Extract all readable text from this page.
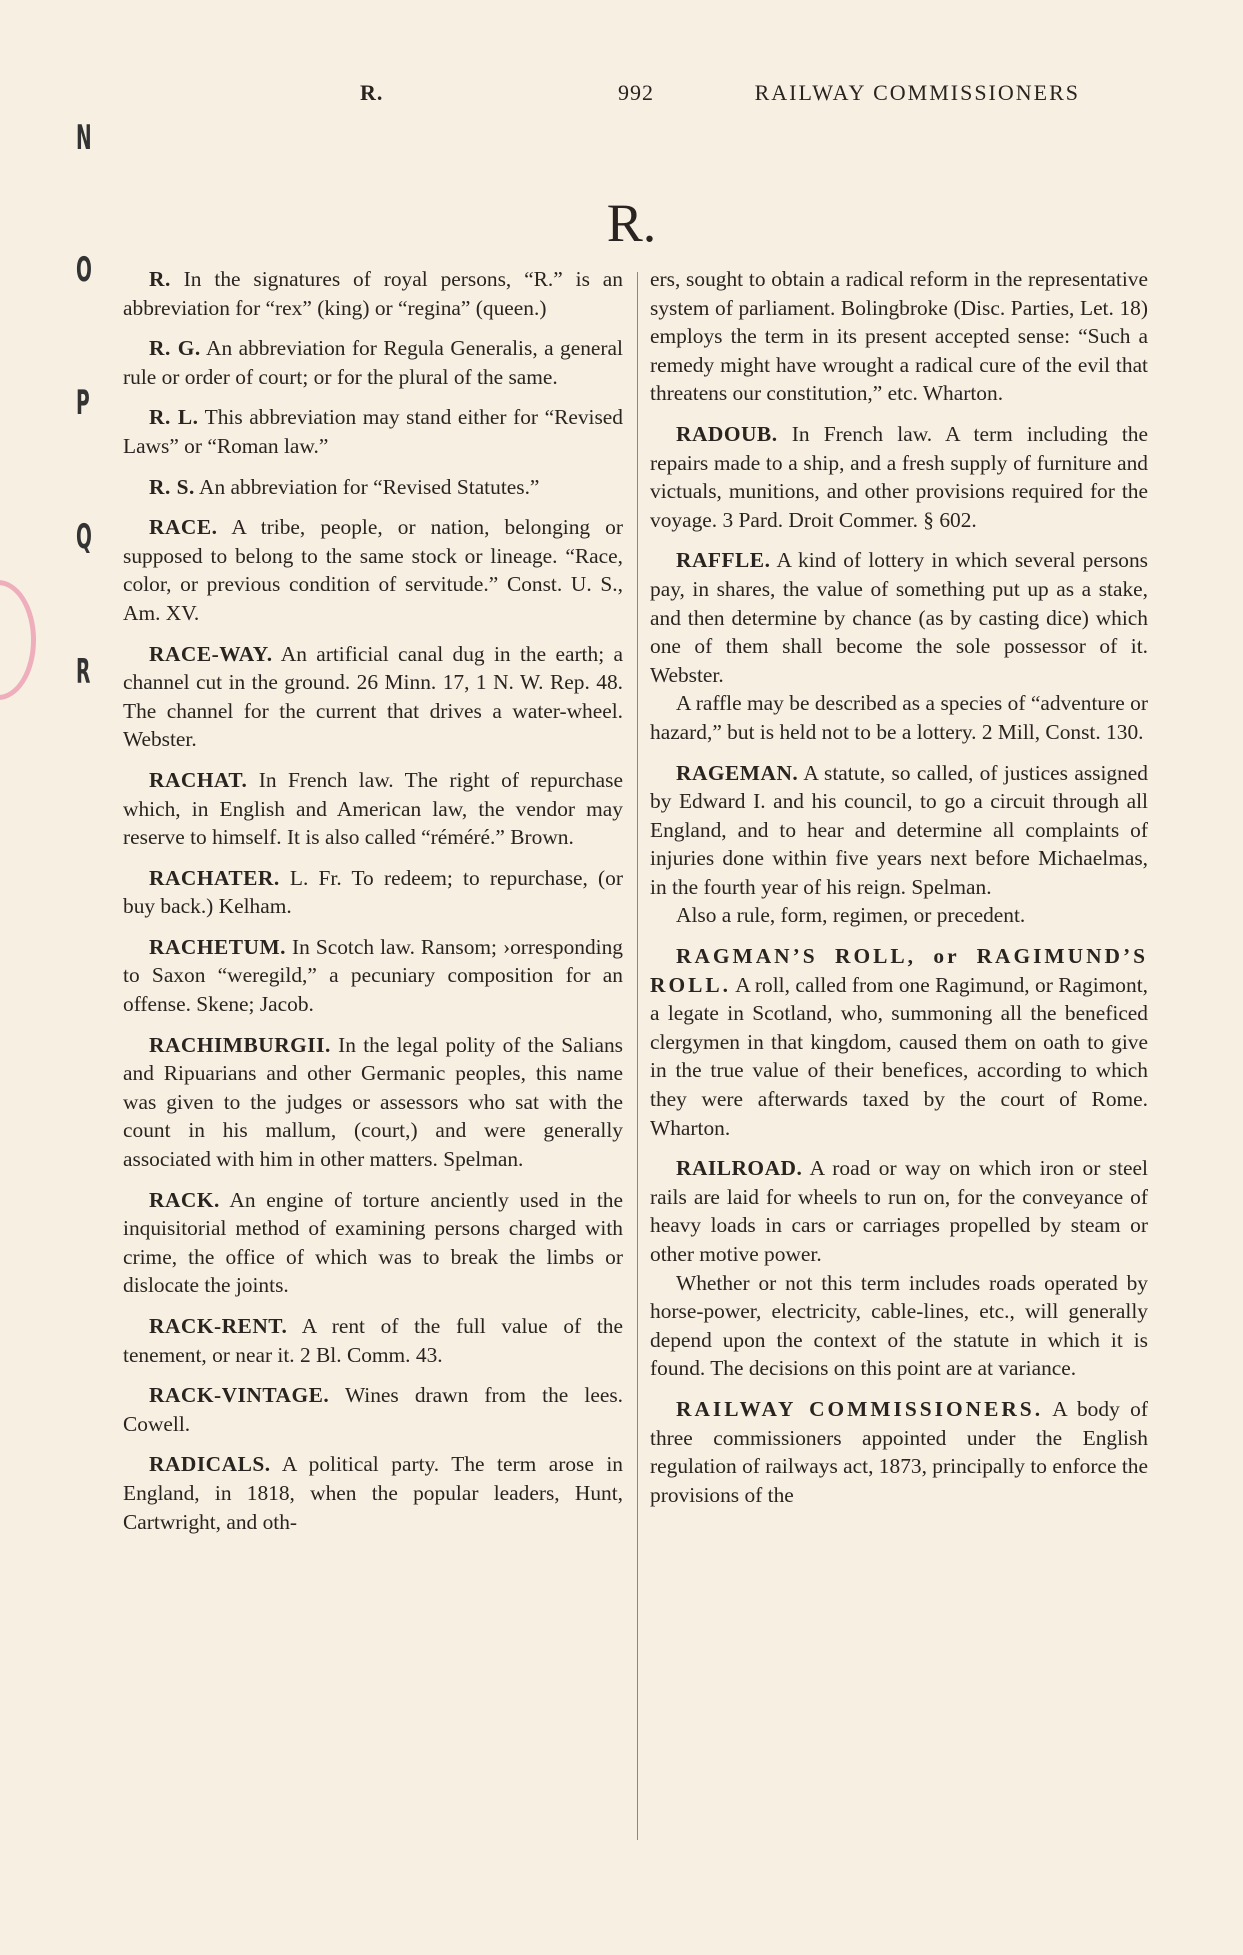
R.	992	RAILWAY COMMISSIONERS
N
O
P
Q
R
R.

R. In the signatures of royal persons, “R.” is an abbreviation for “rex” (king) or “regina” (queen.)

R. G. An abbreviation for Regula Generalis, a general rule or order of court; or for the plural of the same.

R. L. This abbreviation may stand either for “Revised Laws” or “Roman law.”

R. S. An abbreviation for “Revised Statutes.”

RACE. A tribe, people, or nation, belonging or supposed to belong to the same stock or lineage. “Race, color, or previous condition of servitude.” Const. U. S., Am. XV.

RACE-WAY. An artificial canal dug in the earth; a channel cut in the ground. 26 Minn. 17, 1 N. W. Rep. 48. The channel for the current that drives a water-wheel. Webster.

RACHAT. In French law. The right of repurchase which, in English and American law, the vendor may reserve to himself. It is also called “réméré.” Brown.

RACHATER. L. Fr. To redeem; to repurchase, (or buy back.) Kelham.

RACHETUM. In Scotch law. Ransom; ›orresponding to Saxon “weregild,” a pecuniary composition for an offense. Skene; Jacob.

RACHIMBURGII. In the legal polity of the Salians and Ripuarians and other Germanic peoples, this name was given to the judges or assessors who sat with the count in his mallum, (court,) and were generally associated with him in other matters. Spelman.

RACK. An engine of torture anciently used in the inquisitorial method of examining persons charged with crime, the office of which was to break the limbs or dislocate the joints.

RACK-RENT. A rent of the full value of the tenement, or near it. 2 Bl. Comm. 43.

RACK-VINTAGE. Wines drawn from the lees. Cowell.

RADICALS. A political party. The term arose in England, in 1818, when the popular leaders, Hunt, Cartwright, and oth-

ers, sought to obtain a radical reform in the representative system of parliament. Bolingbroke (Disc. Parties, Let. 18) employs the term in its present accepted sense: “Such a remedy might have wrought a radical cure of the evil that threatens our constitution,” etc. Wharton.

RADOUB. In French law. A term including the repairs made to a ship, and a fresh supply of furniture and victuals, munitions, and other provisions required for the voyage. 3 Pard. Droit Commer. § 602.

RAFFLE. A kind of lottery in which several persons pay, in shares, the value of something put up as a stake, and then determine by chance (as by casting dice) which one of them shall become the sole possessor of it. Webster.

A raffle may be described as a species of “adventure or hazard,” but is held not to be a lottery. 2 Mill, Const. 130.

RAGEMAN. A statute, so called, of justices assigned by Edward I. and his council, to go a circuit through all England, and to hear and determine all complaints of injuries done within five years next before Michaelmas, in the fourth year of his reign. Spelman.

Also a rule, form, regimen, or precedent.

RAGMAN’S ROLL, or RAGIMUND’S ROLL. A roll, called from one Ragimund, or Ragimont, a legate in Scotland, who, summoning all the beneficed clergymen in that kingdom, caused them on oath to give in the true value of their benefices, according to which they were afterwards taxed by the court of Rome. Wharton.

RAILROAD. A road or way on which iron or steel rails are laid for wheels to run on, for the conveyance of heavy loads in cars or carriages propelled by steam or other motive power.

Whether or not this term includes roads operated by horse-power, electricity, cable-lines, etc., will generally depend upon the context of the statute in which it is found. The decisions on this point are at variance.

RAILWAY COMMISSIONERS. A body of three commissioners appointed under the English regulation of railways act, 1873, principally to enforce the provisions of the
